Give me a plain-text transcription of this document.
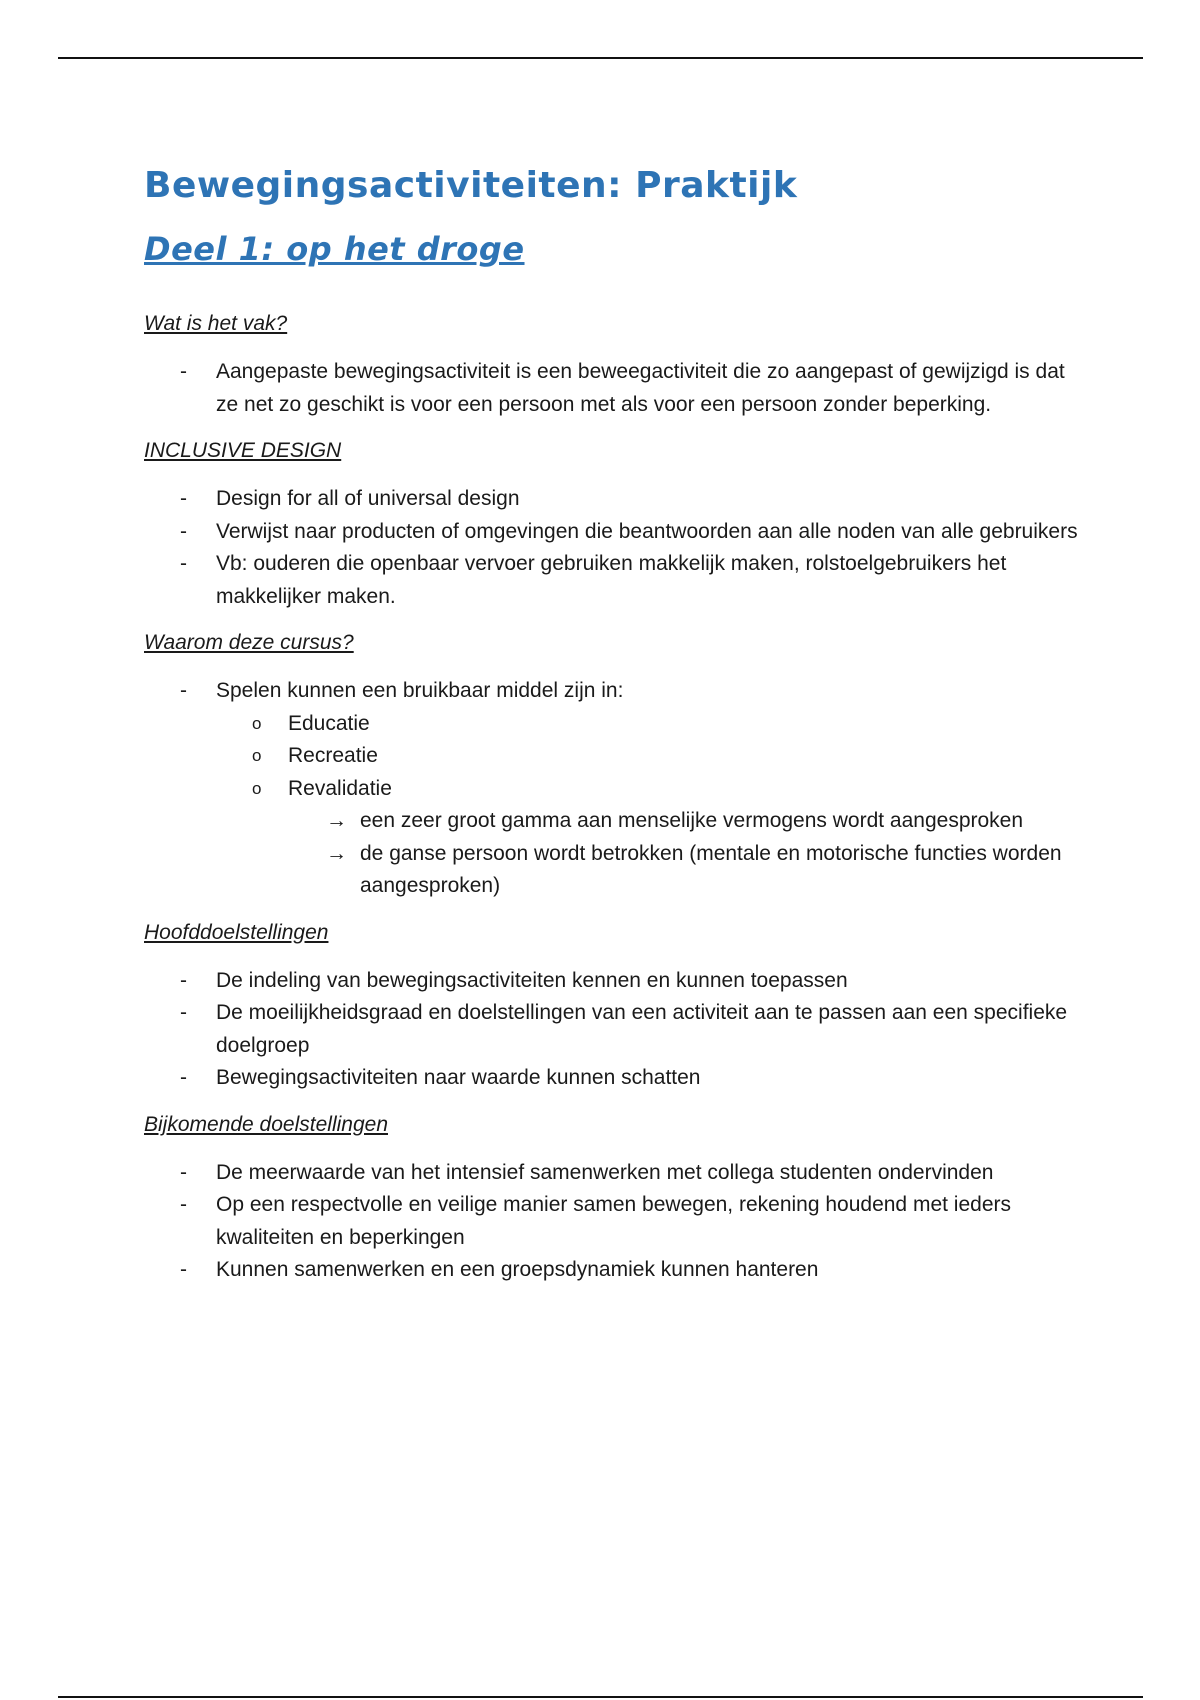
Bewegingsactiviteiten: Praktijk
Deel 1: op het droge

Wat is het vak?

- Aangepaste bewegingsactiviteit is een beweegactiviteit die zo aangepast of gewijzigd is dat ze net zo geschikt is voor een persoon met als voor een persoon zonder beperking.

INCLUSIVE DESIGN

- Design for all of universal design
- Verwijst naar producten of omgevingen die beantwoorden aan alle noden van alle gebruikers
- Vb: ouderen die openbaar vervoer gebruiken makkelijk maken, rolstoelgebruikers het makkelijker maken.

Waarom deze cursus?

- Spelen kunnen een bruikbaar middel zijn in:
o Educatie
o Recreatie
o Revalidatie
→ een zeer groot gamma aan menselijke vermogens wordt aangesproken
→ de ganse persoon wordt betrokken (mentale en motorische functies worden aangesproken)

Hoofddoelstellingen

- De indeling van bewegingsactiviteiten kennen en kunnen toepassen
- De moeilijkheidsgraad en doelstellingen van een activiteit aan te passen aan een specifieke doelgroep
- Bewegingsactiviteiten naar waarde kunnen schatten

Bijkomende doelstellingen

- De meerwaarde van het intensief samenwerken met collega studenten ondervinden
- Op een respectvolle en veilige manier samen bewegen, rekening houdend met ieders kwaliteiten en beperkingen
- Kunnen samenwerken en een groepsdynamiek kunnen hanteren
